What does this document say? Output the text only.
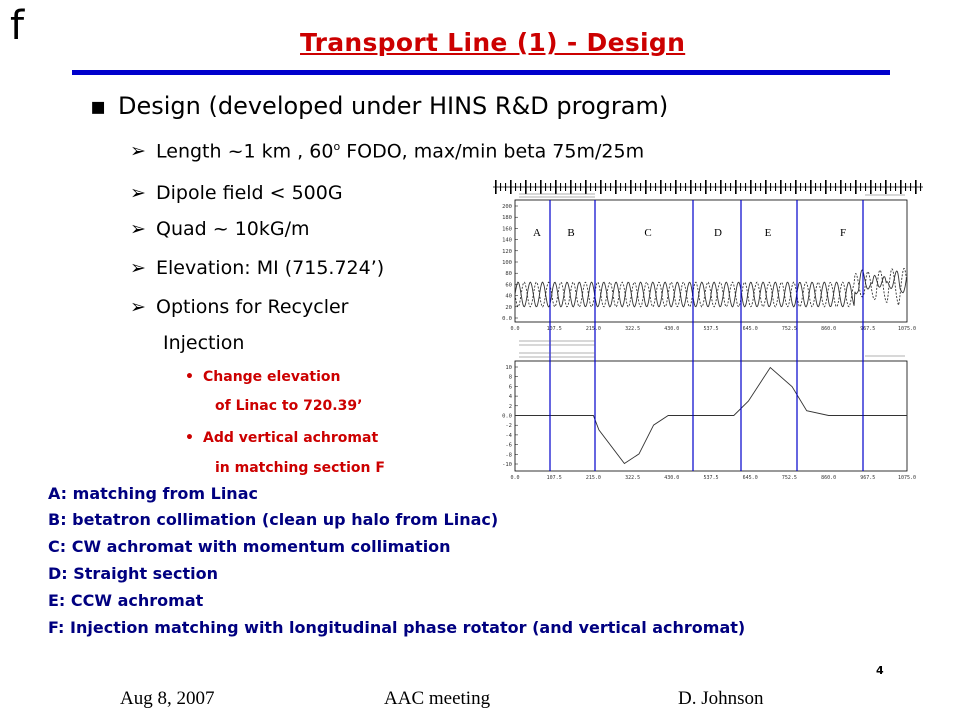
f	Transport Line (1) - Design
▪ Design (developed under HINS R&D program)
➢ Length ~1 km , 60$^o$ FODO, max/min beta 75m/25m
➢ Dipole field < 500G
➢ Quad ~ 10kG/m
➢ Elevation: MI (715.724’)
➢ Options for Recycler
Injection
• Change elevation
of Linac to 720.39’
• Add vertical achromat
in matching section F
200
180
160
140
120
100
80
60
40
20
0.0
0.0	107.5	215.0	322.5	430.0	537.5	645.0	752.5	860.0	967.5	1075.0
A B	C	D	E	F
10
8
6
4
2
0.0
-2
-4
-6
-8
-10
0.0	107.5	215.0	322.5	430.0	537.5	645.0	752.5	860.0	967.5	1075.0
A: matching from Linac
B: betatron collimation (clean up halo from Linac)
C: CW achromat with momentum collimation
D: Straight section
E: CCW achromat
F: Injection matching with longitudinal phase rotator (and vertical achromat)
Aug 8, 2007	AAC meeting	D. Johnson
4
